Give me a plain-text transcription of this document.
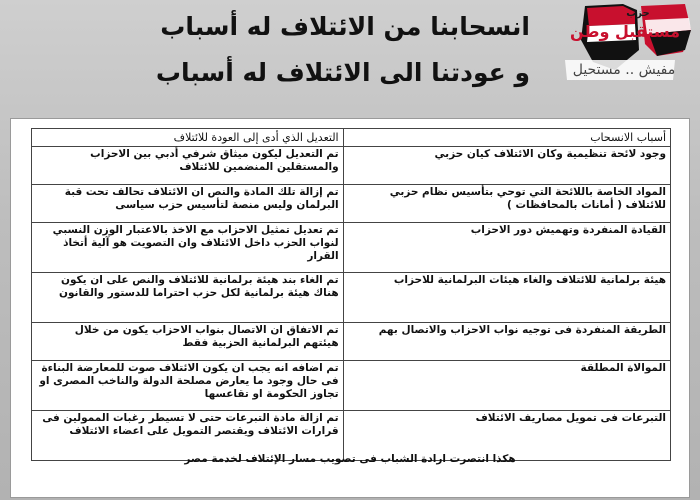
حزب
مستقبل وطن
مفيش .. مستحيل
انسحابنا من الائتلاف له أسباب
و عودتنا الى الائتلاف له أسباب
أسباب الانسحاب	التعديل الذي أدى إلى العودة للائتلاف
وجود لائحة تنظيمية وكان الائتلاف كيان حزبي	تم التعديل ليكون ميثاق شرفي أدبي بين الاحزاب والمستقلين المنضمين للائتلاف
المواد الخاصة باللائحة التي توحي بتأسيس نظام حزبي للائتلاف ( أمانات بالمحافظات )	تم إزالة تلك المادة والنص ان الائتلاف تحالف تحت قبة البرلمان وليس منصة لتأسيس حزب سياسى
القيادة المنفردة وتهميش دور الاحزاب	تم تعديل تمثيل الاحزاب مع الاخذ بالاعتبار الوزن النسبي لنواب الحزب داخل الائتلاف وان التصويت هو آلية أتخاذ القرار
هيئة برلمانية للائتلاف والغاء هيئات البرلمانية للاحزاب	تم الغاء بند هيئة برلمانية للائتلاف والنص على ان يكون هناك هيئة برلمانية لكل حزب احتراما للدستور والقانون
الطريقة المنفردة فى توجيه نواب الاحزاب والاتصال بهم	تم الاتفاق ان الاتصال بنواب الاحزاب يكون من خلال هيئتهم البرلمانية الحزبية فقط
الموالاة المطلقة	تم اضافه انه يجب ان يكون الائتلاف صوت للمعارضة البناءة فى حال وجود ما يعارض مصلحة الدولة والناخب المصرى او تجاوز الحكومة او تقاعسها
التبرعات فى تمويل مصاريف الائتلاف	تم ازالة مادة التبرعات حتى لا تسيطر رغبات الممولين فى قرارات الائتلاف ويقتصر التمويل على اعضاء الائتلاف
هكذا انتصرت ارادة الشباب فى تصويب مسار الإئتلاف لخدمة مصر
